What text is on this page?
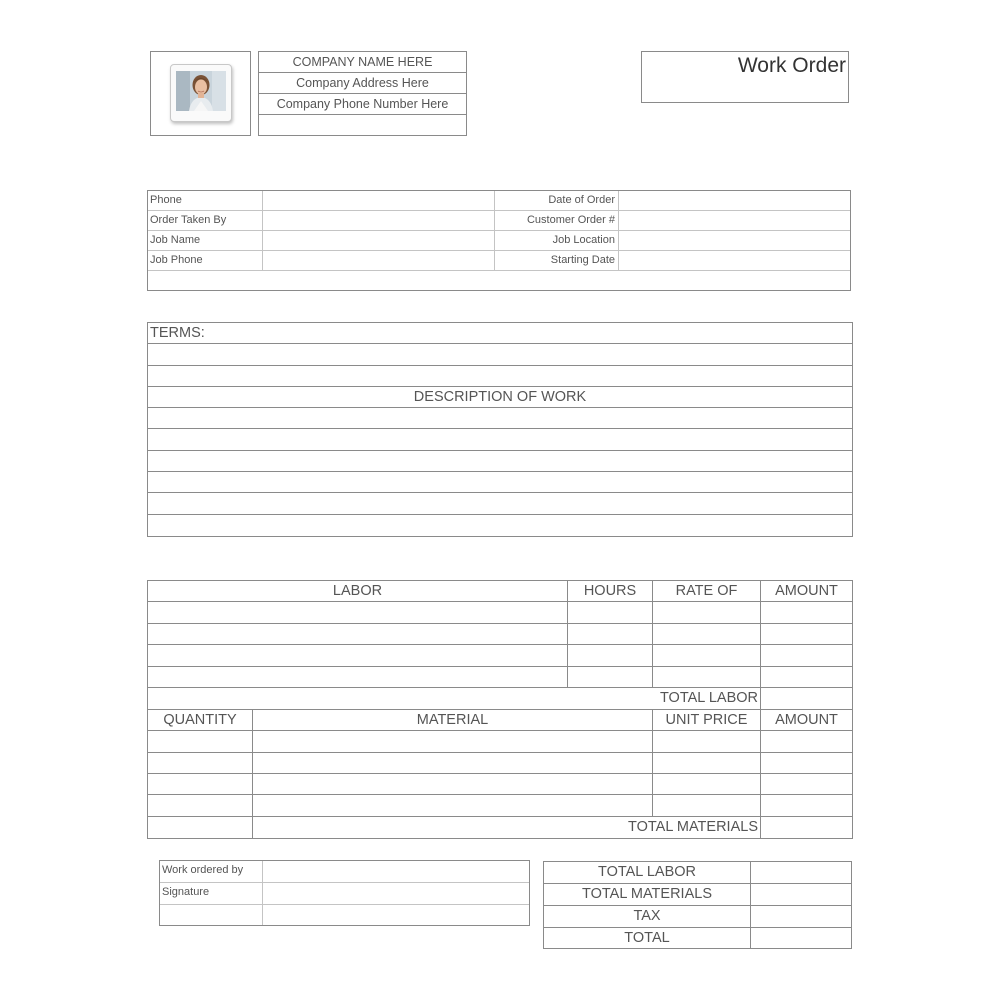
COMPANY NAME HERE
Company Address Here
Company Phone Number Here
Work Order
Phone	Date of Order
Order Taken By	Customer Order #
Job Name	Job Location
Job Phone	Starting Date
TERMS:
DESCRIPTION OF WORK
LABOR	HOURS	RATE OF	AMOUNT
TOTAL LABOR
QUANTITY	MATERIAL	UNIT PRICE	AMOUNT
TOTAL MATERIALS
Work ordered by
Signature
TOTAL LABOR
TOTAL MATERIALS
TAX
TOTAL
